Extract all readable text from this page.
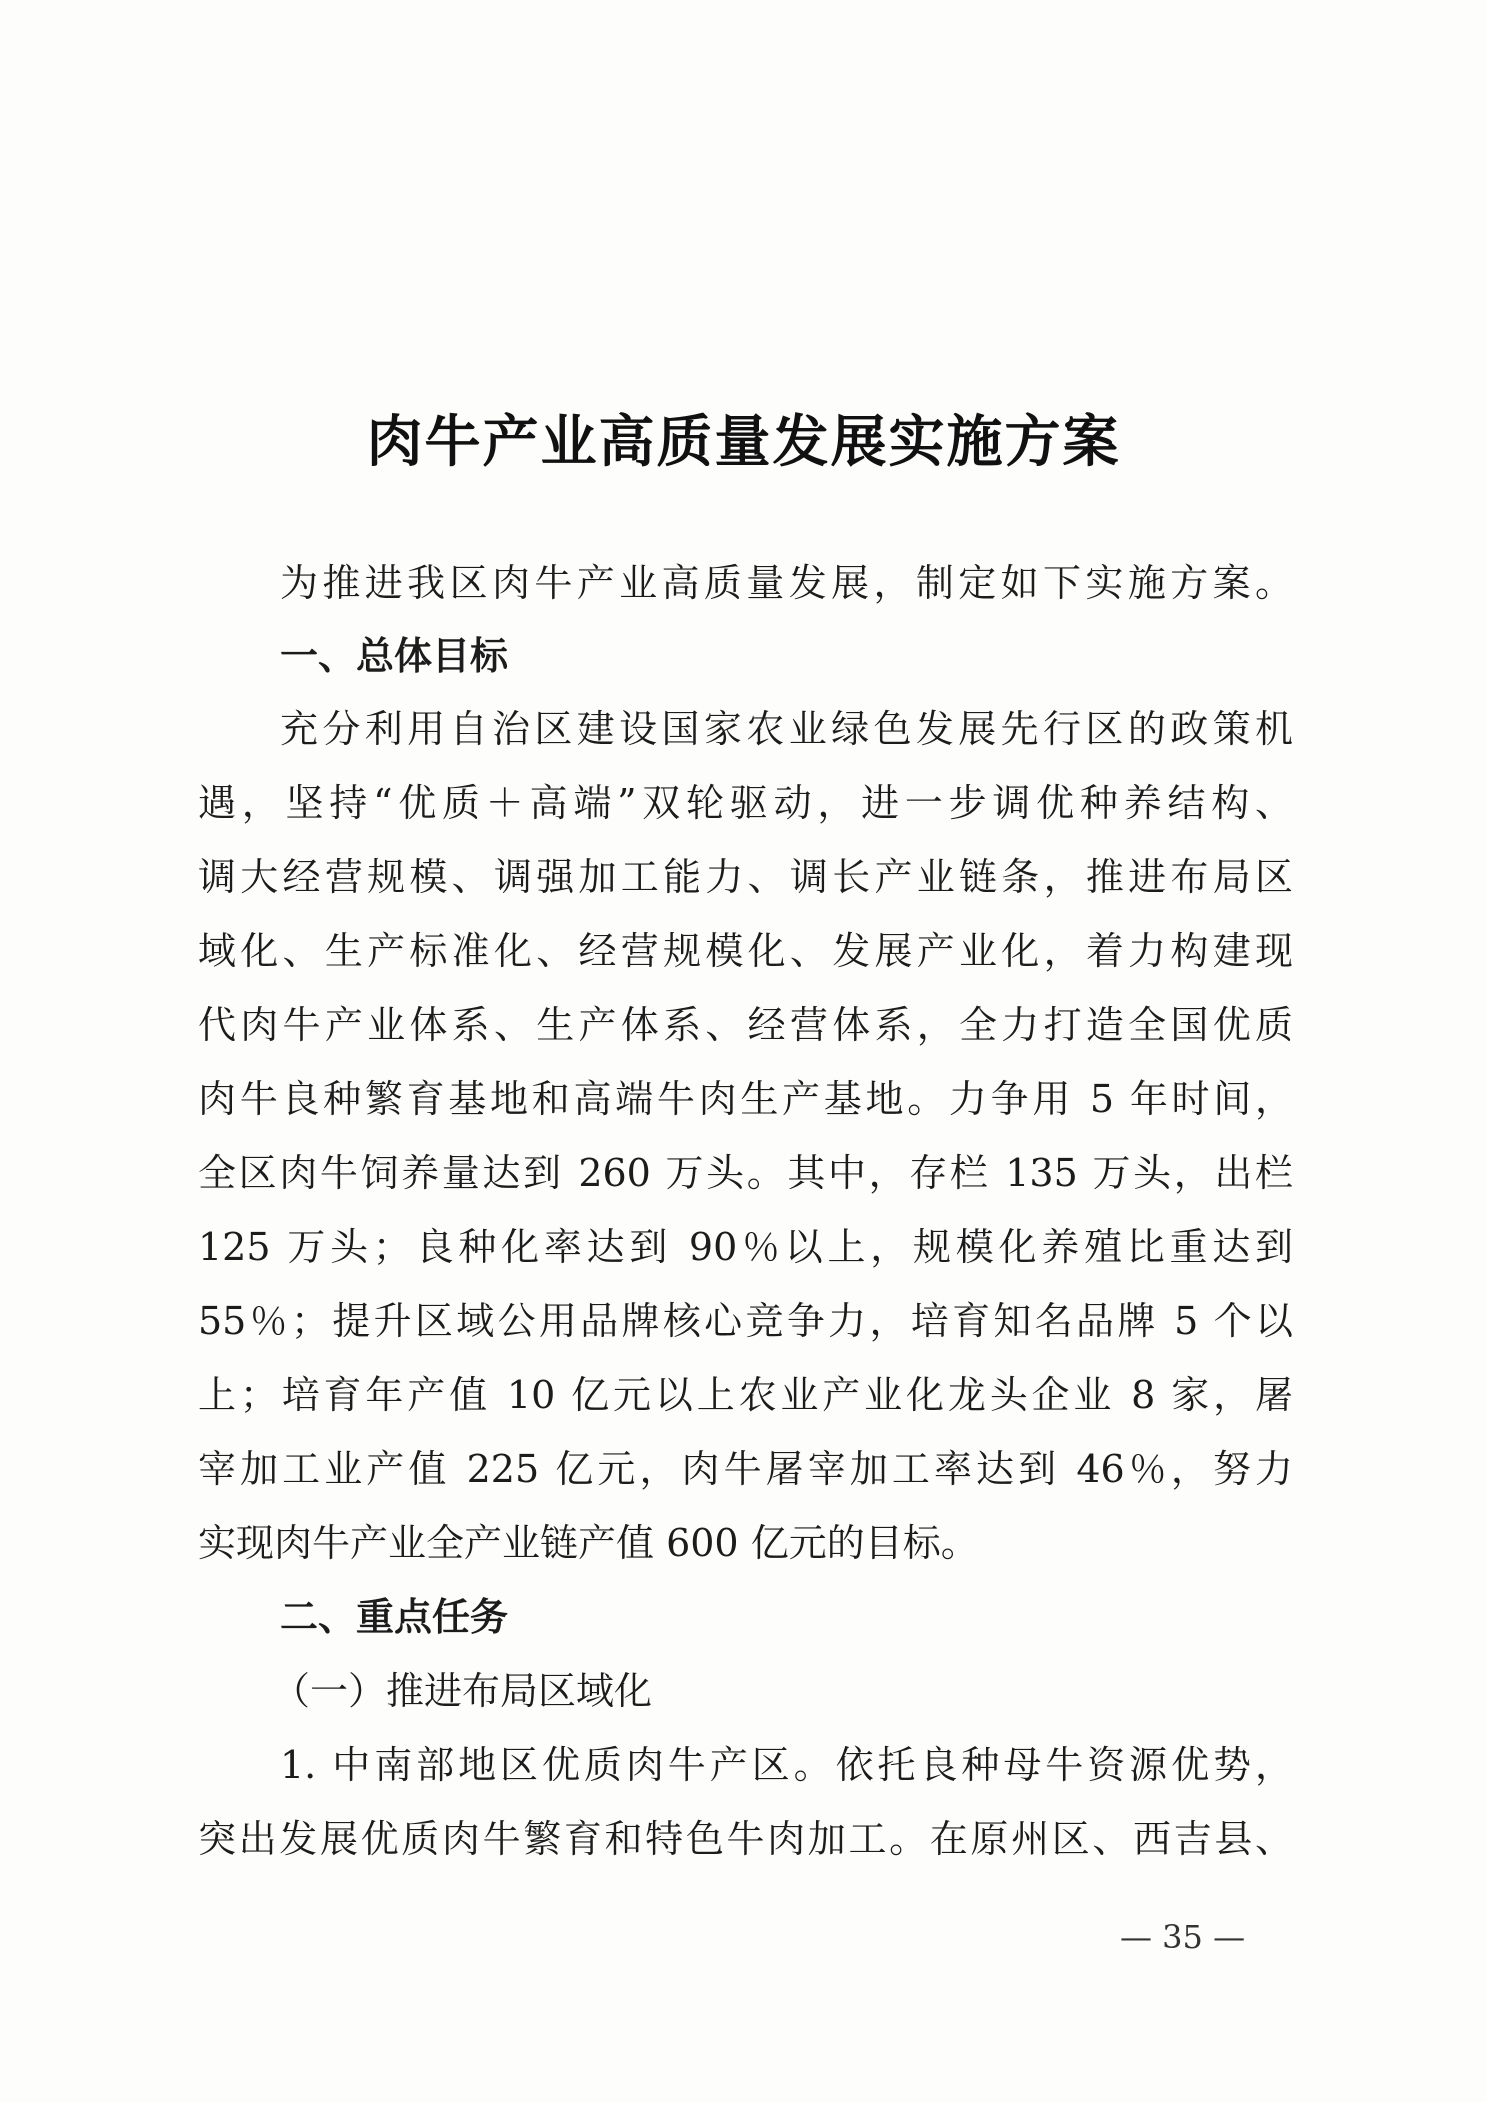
肉牛产业高质量发展实施方案
为推进我区肉牛产业高质量发展，制定如下实施方案。
一、总体目标
充分利用自治区建设国家农业绿色发展先行区的政策机
遇，坚持“优质＋高端”双轮驱动，进一步调优种养结构、
调大经营规模、调强加工能力、调长产业链条，推进布局区
域化、生产标准化、经营规模化、发展产业化，着力构建现
代肉牛产业体系、生产体系、经营体系，全力打造全国优质
肉牛良种繁育基地和高端牛肉生产基地。力争用 5 年时间，
全区肉牛饲养量达到 260 万头。其中，存栏 135 万头，出栏
125 万头；良种化率达到 90％以上，规模化养殖比重达到
55％；提升区域公用品牌核心竞争力，培育知名品牌 5 个以
上；培育年产值 10 亿元以上农业产业化龙头企业 8 家，屠
宰加工业产值 225 亿元，肉牛屠宰加工率达到 46％，努力
实现肉牛产业全产业链产值 600 亿元的目标。
二、重点任务
（一）推进布局区域化
1. 中南部地区优质肉牛产区。依托良种母牛资源优势，
突出发展优质肉牛繁育和特色牛肉加工。在原州区、西吉县、
— 35 —
